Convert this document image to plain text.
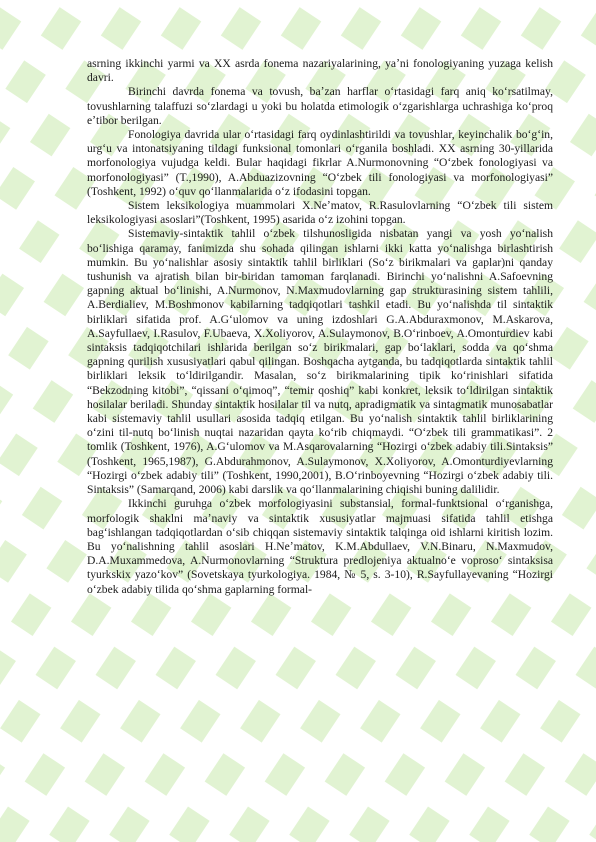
asrning ikkinchi yarmi va XX asrda fonema nazariyalarining, yaʼni fonologiyaning yuzaga kelish davri.

Birinchi davrda fonema va tovush, baʼzan harflar oʻrtasidagi farq aniq koʻrsatilmay, tovushlarning talaffuzi soʻzlardagi u yoki bu holatda etimologik oʻzgarishlarga uchrashiga koʻproq eʼtibor berilgan.

Fonologiya davrida ular oʻrtasidagi farq oydinlashtirildi va tovushlar, keyinchalik boʻgʻin, urgʻu va intonatsiyaning tildagi funksional tomonlari oʻrganila boshladi. XX asrning 30-yillarida morfonologiya vujudga keldi. Bular haqidagi fikrlar A.Nurmonovning “Oʻzbek fonologiyasi va morfonologiyasi” (T.,1990), A.Abduazizovning “Oʻzbek tili fonologiyasi va morfonologiyasi” (Toshkent, 1992) oʻquv qoʻllanmalarida oʻz ifodasini topgan.

Sistem leksikologiya muammolari X.Neʼmatov, R.Rasulovlarning “Oʻzbek tili sistem leksikologiyasi asoslari”(Toshkent, 1995) asarida oʻz izohini topgan.

Sistemaviy-sintaktik tahlil oʻzbek tilshunosligida nisbatan yangi va yosh yoʻnalish boʻlishiga qaramay, fanimizda shu sohada qilingan ishlarni ikki katta yoʻnalishga birlashtirish mumkin. Bu yoʻnalishlar asosiy sintaktik tahlil birliklari (Soʻz birikmalari va gaplar)ni qanday tushunish va ajratish bilan bir-biridan tamoman farqlanadi. Birinchi yoʻnalishni A.Safoevning gapning aktual boʻlinishi, A.Nurmonov, N.Maxmudovlarning gap strukturasining sistem tahlili, A.Berdialiev, M.Boshmonov kabilarning tadqiqotlari tashkil etadi. Bu yoʻnalishda til sintaktik birliklari sifatida prof. A.Gʻulomov va uning izdoshlari G.A.Abduraxmonov, M.Askarova, A.Sayfullaev, I.Rasulov, F.Ubaeva, X.Xoliyorov, A.Sulaymonov, B.Oʻrinboev, A.Omonturdiev kabi sintaksis tadqiqotchilari ishlarida berilgan soʻz birikmalari, gap boʻlaklari, sodda va qoʻshma gapning qurilish xususiyatlari qabul qilingan. Boshqacha aytganda, bu tadqiqotlarda sintaktik tahlil birliklari leksik toʻldirilgandir. Masalan, soʻz birikmalarining tipik koʻrinishlari sifatida “Bekzodning kitobi”, “qissani oʻqimoq”, “temir qoshiq” kabi konkret, leksik toʻldirilgan sintaktik hosilalar beriladi. Shunday sintaktik hosilalar til va nutq, apradigmatik va sintagmatik munosabatlar kabi sistemaviy tahlil usullari asosida tadqiq etilgan. Bu yoʻnalish sintaktik tahlil birliklarining oʻzini til-nutq boʻlinish nuqtai nazaridan qayta koʻrib chiqmaydi. “Oʻzbek tili grammatikasi”. 2 tomlik (Toshkent, 1976), A.Gʻulomov va M.Asqarovalarning “Hozirgi oʻzbek adabiy tili.Sintaksis” (Toshkent, 1965,1987), G.Abdurahmonov, A.Sulaymonov, X.Xoliyorov, A.Omonturdiyevlarning “Hozirgi oʻzbek adabiy tili” (Toshkent, 1990,2001), B.Oʻrinboyevning “Hozirgi oʻzbek adabiy tili. Sintaksis” (Samarqand, 2006) kabi darslik va qoʻllanmalarining chiqishi buning dalilidir.

Ikkinchi guruhga oʻzbek morfologiyasini substansial, formal-funktsional oʻrganishga, morfologik shaklni maʼnaviy va sintaktik xususiyatlar majmuasi sifatida tahlil etishga bagʻishlangan tadqiqotlardan oʻsib chiqqan sistemaviy sintaktik talqinga oid ishlarni kiritish lozim. Bu yoʻnalishning tahlil asoslari H.Neʼmatov, K.M.Abdullaev, V.N.Binaru, N.Maxmudov, D.A.Muxammedova, A.Nurmonovlarning “Struktura predlojeniya aktualnoʻe voprosoʻ sintaksisa tyurkskix yazoʻkov” (Sovetskaya tyurkologiya. 1984, № 5, s. 3-10), R.Sayfullayevaning “Hozirgi oʻzbek adabiy tilida qoʻshma gaplarning formal-
